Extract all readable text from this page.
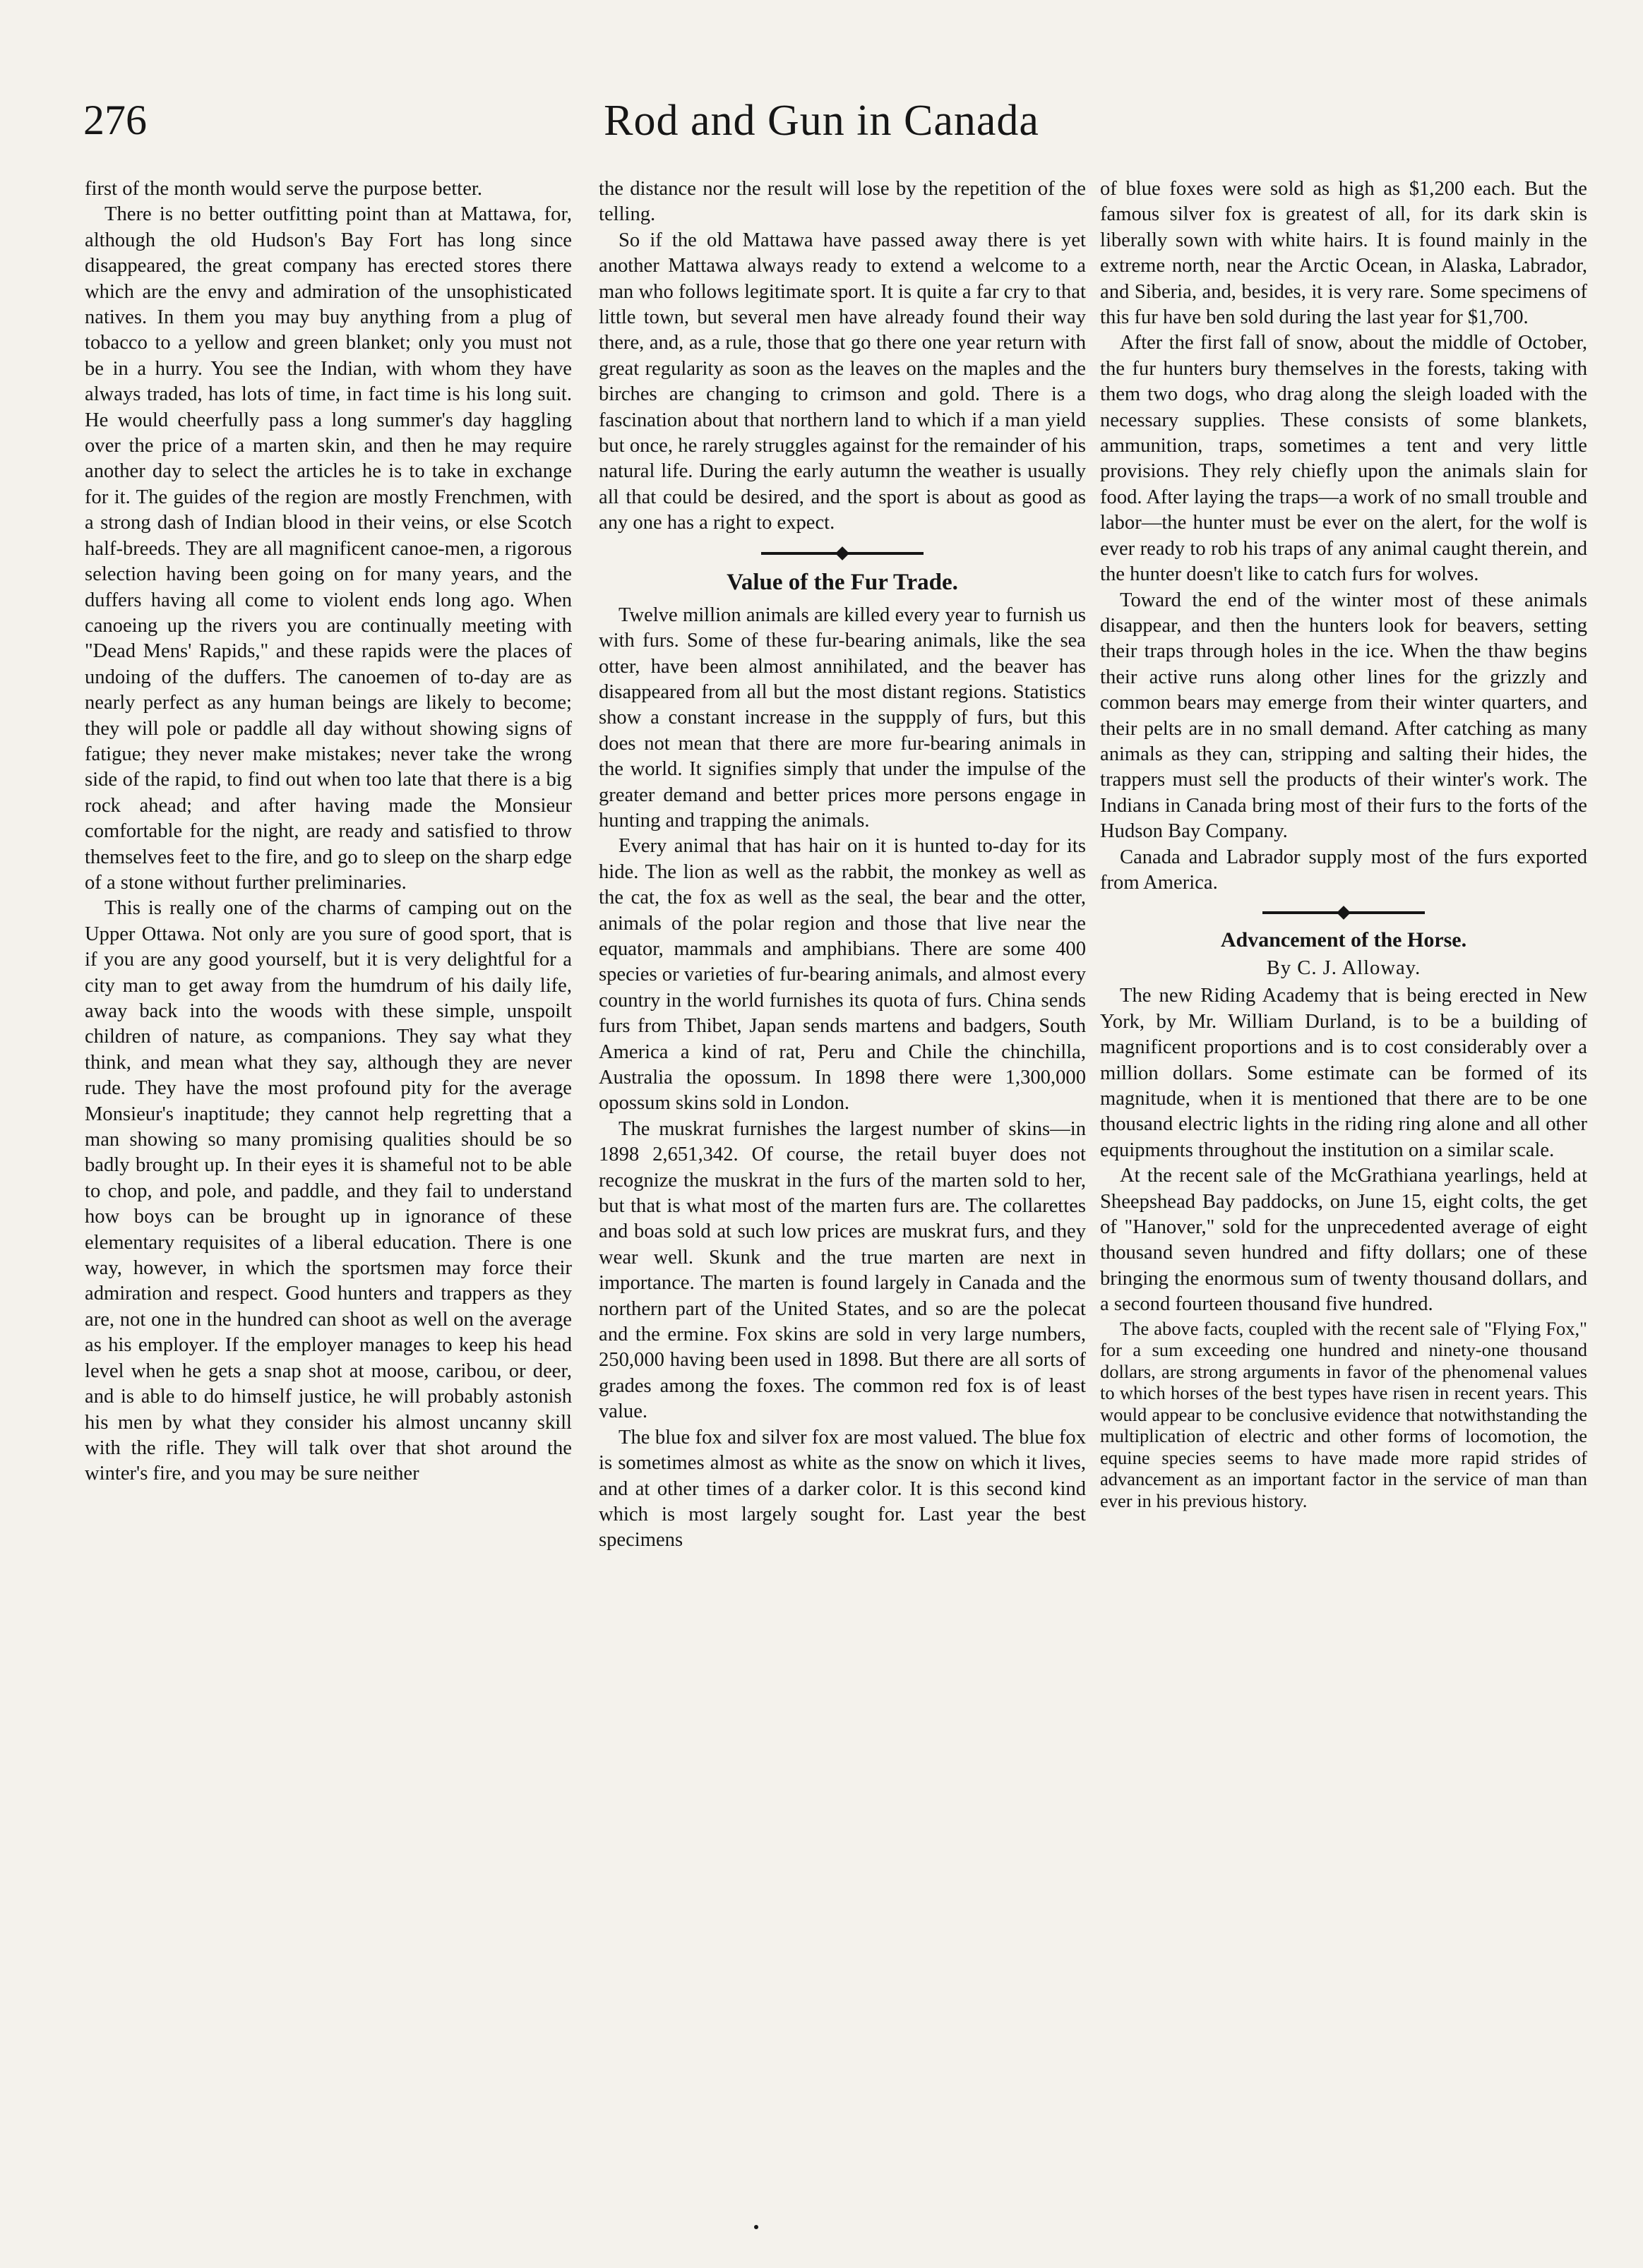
276	Rod and Gun in Canada

first of the month would serve the purpose better.

There is no better outfitting point than at Mattawa, for, although the old Hudson's Bay Fort has long since disappeared, the great company has erected stores there which are the envy and admiration of the unsophisticated natives. In them you may buy anything from a plug of tobacco to a yellow and green blanket; only you must not be in a hurry. You see the Indian, with whom they have always traded, has lots of time, in fact time is his long suit. He would cheerfully pass a long summer's day haggling over the price of a marten skin, and then he may require another day to select the articles he is to take in exchange for it. The guides of the region are mostly Frenchmen, with a strong dash of Indian blood in their veins, or else Scotch half-breeds. They are all magnificent canoe-men, a rigorous selection having been going on for many years, and the duffers having all come to violent ends long ago. When canoeing up the rivers you are continually meeting with "Dead Mens' Rapids," and these rapids were the places of undoing of the duffers. The canoemen of to-day are as nearly perfect as any human beings are likely to become; they will pole or paddle all day without showing signs of fatigue; they never make mistakes; never take the wrong side of the rapid, to find out when too late that there is a big rock ahead; and after having made the Monsieur comfortable for the night, are ready and satisfied to throw themselves feet to the fire, and go to sleep on the sharp edge of a stone without further preliminaries.

This is really one of the charms of camping out on the Upper Ottawa. Not only are you sure of good sport, that is if you are any good yourself, but it is very delightful for a city man to get away from the humdrum of his daily life, away back into the woods with these simple, unspoilt children of nature, as companions. They say what they think, and mean what they say, although they are never rude. They have the most profound pity for the average Monsieur's inaptitude; they cannot help regretting that a man showing so many promising qualities should be so badly brought up. In their eyes it is shameful not to be able to chop, and pole, and paddle, and they fail to understand how boys can be brought up in ignorance of these elementary requisites of a liberal education. There is one way, however, in which the sportsmen may force their admiration and respect. Good hunters and trappers as they are, not one in the hundred can shoot as well on the average as his employer. If the employer manages to keep his head level when he gets a snap shot at moose, caribou, or deer, and is able to do himself justice, he will probably astonish his men by what they consider his almost uncanny skill with the rifle. They will talk over that shot around the winter's fire, and you may be sure neither

the distance nor the result will lose by the repetition of the telling.

So if the old Mattawa have passed away there is yet another Mattawa always ready to extend a welcome to a man who follows legitimate sport. It is quite a far cry to that little town, but several men have already found their way there, and, as a rule, those that go there one year return with great regularity as soon as the leaves on the maples and the birches are changing to crimson and gold. There is a fascination about that northern land to which if a man yield but once, he rarely struggles against for the remainder of his natural life. During the early autumn the weather is usually all that could be desired, and the sport is about as good as any one has a right to expect.

Value of the Fur Trade.

Twelve million animals are killed every year to furnish us with furs. Some of these fur-bearing animals, like the sea otter, have been almost annihilated, and the beaver has disappeared from all but the most distant regions. Statistics show a constant increase in the suppply of furs, but this does not mean that there are more fur-bearing animals in the world. It signifies simply that under the impulse of the greater demand and better prices more persons engage in hunting and trapping the animals.

Every animal that has hair on it is hunted to-day for its hide. The lion as well as the rabbit, the monkey as well as the cat, the fox as well as the seal, the bear and the otter, animals of the polar region and those that live near the equator, mammals and amphibians. There are some 400 species or varieties of fur-bearing animals, and almost every country in the world furnishes its quota of furs. China sends furs from Thibet, Japan sends martens and badgers, South America a kind of rat, Peru and Chile the chinchilla, Australia the opossum. In 1898 there were 1,300,000 opossum skins sold in London.

The muskrat furnishes the largest number of skins—in 1898 2,651,342. Of course, the retail buyer does not recognize the muskrat in the furs of the marten sold to her, but that is what most of the marten furs are. The collarettes and boas sold at such low prices are muskrat furs, and they wear well. Skunk and the true marten are next in importance. The marten is found largely in Canada and the northern part of the United States, and so are the polecat and the ermine. Fox skins are sold in very large numbers, 250,000 having been used in 1898. But there are all sorts of grades among the foxes. The common red fox is of least value.

The blue fox and silver fox are most valued. The blue fox is sometimes almost as white as the snow on which it lives, and at other times of a darker color. It is this second kind which is most largely sought for. Last year the best specimens

of blue foxes were sold as high as $1,200 each. But the famous silver fox is greatest of all, for its dark skin is liberally sown with white hairs. It is found mainly in the extreme north, near the Arctic Ocean, in Alaska, Labrador, and Siberia, and, besides, it is very rare. Some specimens of this fur have ben sold during the last year for $1,700.

After the first fall of snow, about the middle of October, the fur hunters bury themselves in the forests, taking with them two dogs, who drag along the sleigh loaded with the necessary supplies. These consists of some blankets, ammunition, traps, sometimes a tent and very little provisions. They rely chiefly upon the animals slain for food. After laying the traps—a work of no small trouble and labor—the hunter must be ever on the alert, for the wolf is ever ready to rob his traps of any animal caught therein, and the hunter doesn't like to catch furs for wolves.

Toward the end of the winter most of these animals disappear, and then the hunters look for beavers, setting their traps through holes in the ice. When the thaw begins their active runs along other lines for the grizzly and common bears may emerge from their winter quarters, and their pelts are in no small demand. After catching as many animals as they can, stripping and salting their hides, the trappers must sell the products of their winter's work. The Indians in Canada bring most of their furs to the forts of the Hudson Bay Company.

Canada and Labrador supply most of the furs exported from America.

Advancement of the Horse.
By C. J. Alloway.

The new Riding Academy that is being erected in New York, by Mr. William Durland, is to be a building of magnificent proportions and is to cost considerably over a million dollars. Some estimate can be formed of its magnitude, when it is mentioned that there are to be one thousand electric lights in the riding ring alone and all other equipments throughout the institution on a similar scale.

At the recent sale of the McGrathiana yearlings, held at Sheepshead Bay paddocks, on June 15, eight colts, the get of "Hanover," sold for the unprecedented average of eight thousand seven hundred and fifty dollars; one of these bringing the enormous sum of twenty thousand dollars, and a second fourteen thousand five hundred.

The above facts, coupled with the recent sale of "Flying Fox," for a sum exceeding one hundred and ninety-one thousand dollars, are strong arguments in favor of the phenomenal values to which horses of the best types have risen in recent years. This would appear to be conclusive evidence that notwithstanding the multiplication of electric and other forms of locomotion, the equine species seems to have made more rapid strides of advancement as an important factor in the service of man than ever in his previous history.
